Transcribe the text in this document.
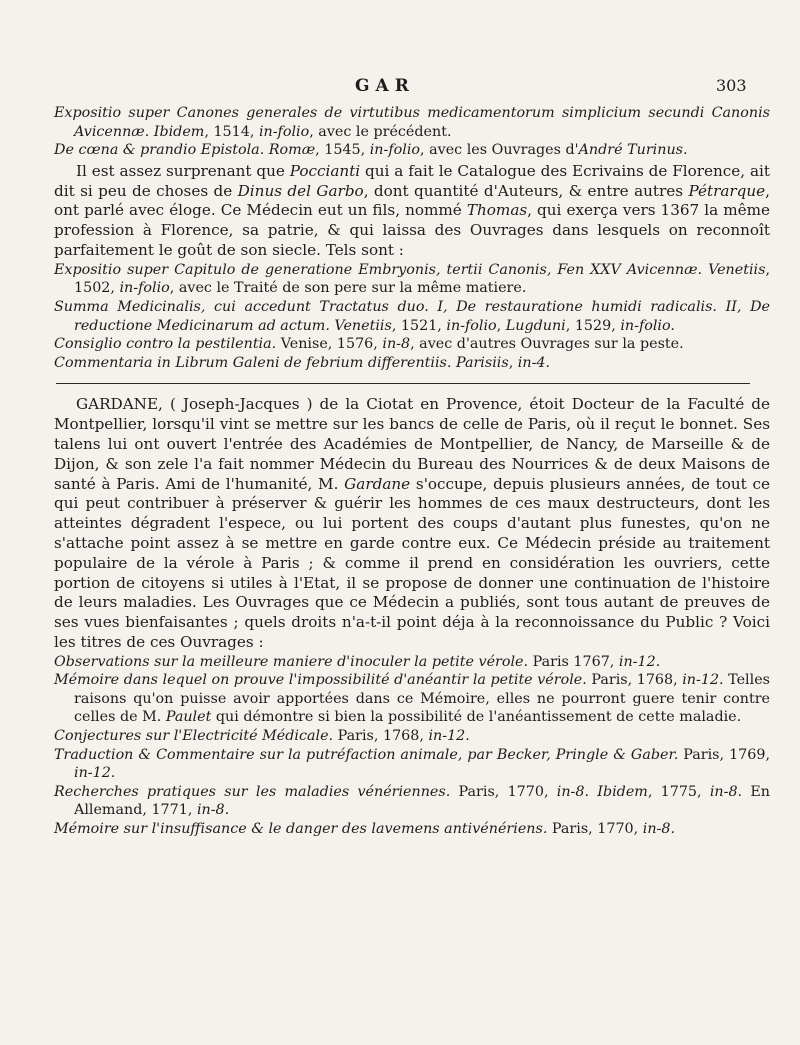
GAR	303

Expositio super Canones generales de virtutibus medicamentorum simplicium secundi Canonis Avicennæ. Ibidem, 1514, in-folio, avec le précédent.

De cœna & prandio Epistola. Romæ, 1545, in-folio, avec les Ouvrages d'André Turinus.

Il est assez surprenant que Poccianti qui a fait le Catalogue des Ecrivains de Florence, ait dit si peu de choses de Dinus del Garbo, dont quantité d'Auteurs, & entre autres Pétrarque, ont parlé avec éloge. Ce Médecin eut un fils, nommé Thomas, qui exerça vers 1367 la même profession à Florence, sa patrie, & qui laissa des Ouvrages dans lesquels on reconnoît parfaitement le goût de son siecle. Tels sont :

Expositio super Capitulo de generatione Embryonis, tertii Canonis, Fen XXV Avicennæ. Venetiis, 1502, in-folio, avec le Traité de son pere sur la même matiere.

Summa Medicinalis, cui accedunt Tractatus duo. I, De restauratione humidi radicalis. II, De reductione Medicinarum ad actum. Venetiis, 1521, in-folio, Lugduni, 1529, in-folio.

Consiglio contro la pestilentia. Venise, 1576, in-8, avec d'autres Ouvrages sur la peste.

Commentaria in Librum Galeni de febrium differentiis. Parisiis, in-4.

GARDANE, ( Joseph-Jacques ) de la Ciotat en Provence, étoit Docteur de la Faculté de Montpellier, lorsqu'il vint se mettre sur les bancs de celle de Paris, où il reçut le bonnet. Ses talens lui ont ouvert l'entrée des Académies de Montpellier, de Nancy, de Marseille & de Dijon, & son zele l'a fait nommer Médecin du Bureau des Nourrices & de deux Maisons de santé à Paris. Ami de l'humanité, M. Gardane s'occupe, depuis plusieurs années, de tout ce qui peut contribuer à préserver & guérir les hommes de ces maux destructeurs, dont les atteintes dégradent l'espece, ou lui portent des coups d'autant plus funestes, qu'on ne s'attache point assez à se mettre en garde contre eux. Ce Médecin préside au traitement populaire de la vérole à Paris ; & comme il prend en considération les ouvriers, cette portion de citoyens si utiles à l'Etat, il se propose de donner une continuation de l'histoire de leurs maladies. Les Ouvrages que ce Médecin a publiés, sont tous autant de preuves de ses vues bienfaisantes ; quels droits n'a-t-il point déja à la reconnoissance du Public ? Voici les titres de ces Ouvrages :

Observations sur la meilleure maniere d'inoculer la petite vérole. Paris 1767, in-12.

Mémoire dans lequel on prouve l'impossibilité d'anéantir la petite vérole. Paris, 1768, in-12. Telles raisons qu'on puisse avoir apportées dans ce Mémoire, elles ne pourront guere tenir contre celles de M. Paulet qui démontre si bien la possibilité de l'anéantissement de cette maladie.

Conjectures sur l'Electricité Médicale. Paris, 1768, in-12.

Traduction & Commentaire sur la putréfaction animale, par Becker, Pringle & Gaber. Paris, 1769, in-12.

Recherches pratiques sur les maladies vénériennes. Paris, 1770, in-8. Ibidem, 1775, in-8. En Allemand, 1771, in-8.

Mémoire sur l'insuffisance & le danger des lavemens antivénériens. Paris, 1770, in-8.
